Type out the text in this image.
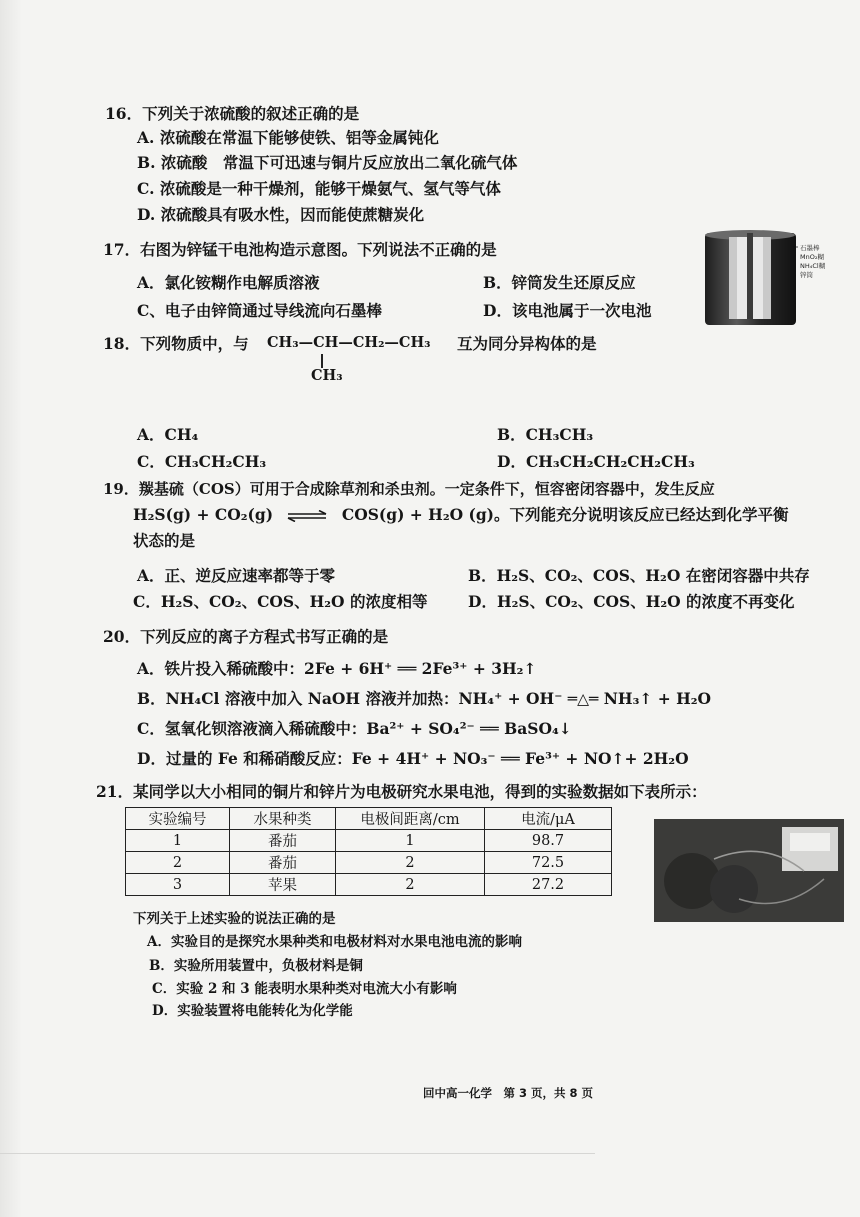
16．下列关于浓硫酸的叙述正确的是
A. 浓硫酸在常温下能够使铁、铝等金属钝化
B. 浓硫酸　常温下可迅速与铜片反应放出二氧化硫气体
C. 浓硫酸是一种干燥剂，能够干燥氨气、氢气等气体
D. 浓硫酸具有吸水性，因而能使蔗糖炭化
17．右图为锌锰干电池构造示意图。下列说法不正确的是
A．氯化铵糊作电解质溶液	B．锌筒发生还原反应
C、电子由锌筒通过导线流向石墨棒	D．该电池属于一次电池
石墨棒
MnO₂糊
NH₄Cl糊
锌筒
18．下列物质中，与 CH₃—CH—CH₂—CH₃
CH₃
互为同分异构体的是
A．CH₄	B．CH₃CH₃
C．CH₃CH₂CH₃	D．CH₃CH₂CH₂CH₂CH₃
19．羰基硫（COS）可用于合成除草剂和杀虫剂。一定条件下，恒容密闭容器中，发生反应
H₂S(g) + CO₂(g) ⇌ COS(g) + H₂O (g)。下列能充分说明该反应已经达到化学平衡
状态的是
A．正、逆反应速率都等于零	B．H₂S、CO₂、COS、H₂O 在密闭容器中共存
C．H₂S、CO₂、COS、H₂O 的浓度相等	D．H₂S、CO₂、COS、H₂O 的浓度不再变化
20．下列反应的离子方程式书写正确的是
A．铁片投入稀硫酸中：2Fe + 6H⁺ ══ 2Fe³⁺ + 3H₂↑
B．NH₄Cl 溶液中加入 NaOH 溶液并加热：NH₄⁺ + OH⁻ ═△═ NH₃↑ + H₂O
C．氢氧化钡溶液滴入稀硫酸中：Ba²⁺ + SO₄²⁻ ══ BaSO₄↓
D．过量的 Fe 和稀硝酸反应：Fe + 4H⁺ + NO₃⁻ ══ Fe³⁺ + NO↑+ 2H₂O
21．某同学以大小相同的铜片和锌片为电极研究水果电池，得到的实验数据如下表所示：
实验编号	水果种类	电极间距离/cm	电流/μA
1	番茄	1	98.7
2	番茄	2	72.5
3	苹果	2	27.2
下列关于上述实验的说法正确的是
A．实验目的是探究水果种类和电极材料对水果电池电流的影响
B．实验所用装置中，负极材料是铜
C．实验 2 和 3 能表明水果种类对电流大小有影响
D．实验装置将电能转化为化学能
回中高一化学　第 3 页，共 8 页
